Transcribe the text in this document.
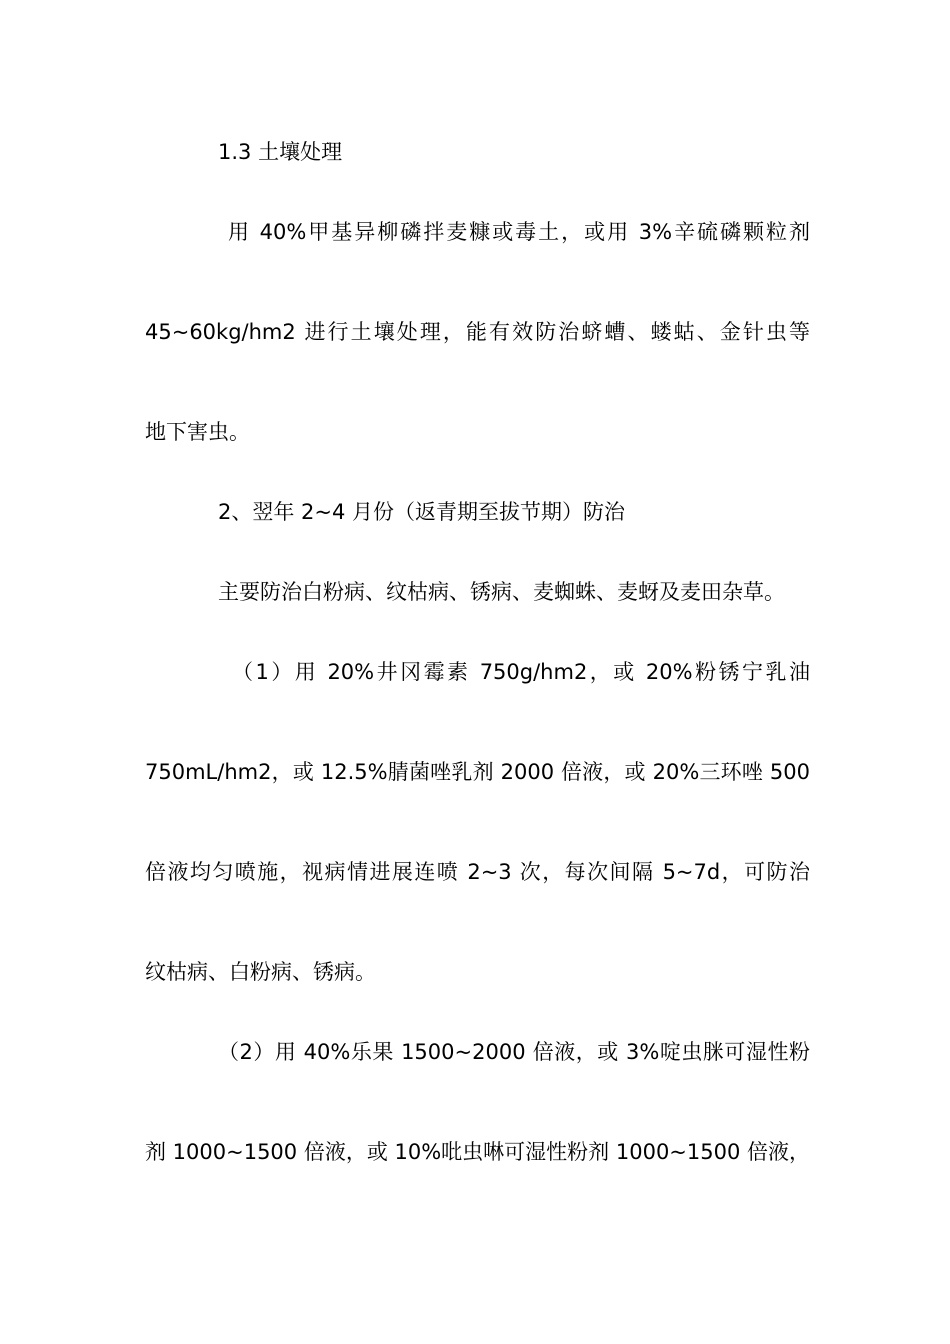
1.3 土壤处理
用 40%甲基异柳磷拌麦糠或毒土，或用 3%辛硫磷颗粒剂
45~60kg/hm2 进行土壤处理，能有效防治蛴螬、蝼蛄、金针虫等
地下害虫。
2、翌年 2~4 月份（返青期至拔节期）防治
主要防治白粉病、纹枯病、锈病、麦蜘蛛、麦蚜及麦田杂草。
（1）用 20%井冈霉素 750g/hm2，或 20%粉锈宁乳油
750mL/hm2，或 12.5%腈菌唑乳剂 2000 倍液，或 20%三环唑 500
倍液均匀喷施，视病情进展连喷 2~3 次，每次间隔 5~7d，可防治
纹枯病、白粉病、锈病。
（2）用 40%乐果 1500~2000 倍液，或 3%啶虫脒可湿性粉
剂 1000~1500 倍液，或 10%吡虫啉可湿性粉剂 1000~1500 倍液，
